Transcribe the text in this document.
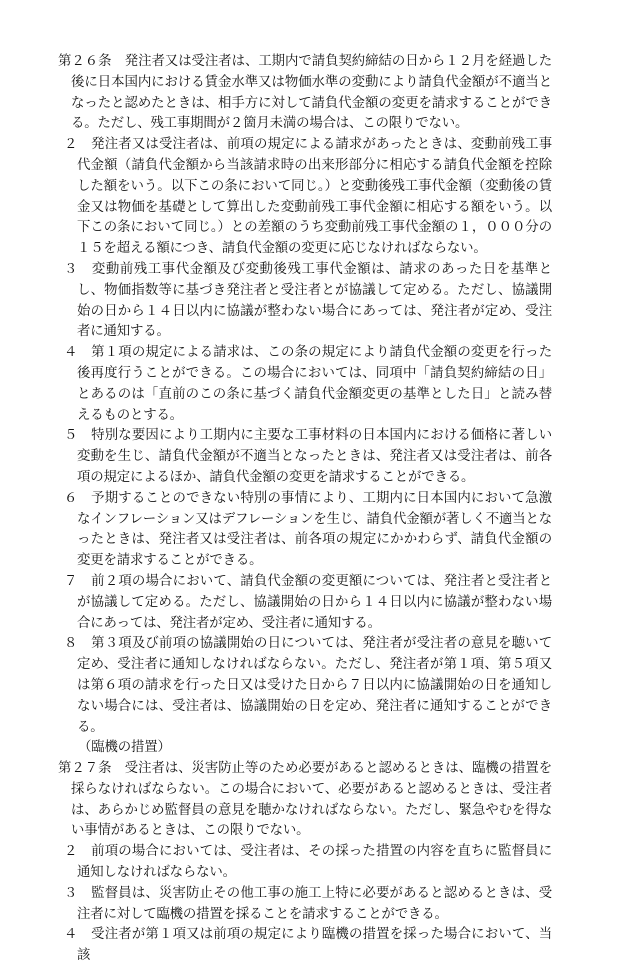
第２６条　発注者又は受注者は、工期内で請負契約締結の日から１２月を経過した後に日本国内における賃金水準又は物価水準の変動により請負代金額が不適当となったと認めたときは、相手方に対して請負代金額の変更を請求することができる。ただし、残工事期間が２箇月未満の場合は、この限りでない。

２　発注者又は受注者は、前項の規定による請求があったときは、変動前残工事代金額（請負代金額から当該請求時の出来形部分に相応する請負代金額を控除した額をいう。以下この条において同じ。）と変動後残工事代金額（変動後の賃金又は物価を基礎として算出した変動前残工事代金額に相応する額をいう。以下この条において同じ。）との差額のうち変動前残工事代金額の１，０００分の１５を超える額につき、請負代金額の変更に応じなければならない。

３　変動前残工事代金額及び変動後残工事代金額は、請求のあった日を基準とし、物価指数等に基づき発注者と受注者とが協議して定める。ただし、協議開始の日から１４日以内に協議が整わない場合にあっては、発注者が定め、受注者に通知する。

４　第１項の規定による請求は、この条の規定により請負代金額の変更を行った後再度行うことができる。この場合においては、同項中「請負契約締結の日」とあるのは「直前のこの条に基づく請負代金額変更の基準とした日」と読み替えるものとする。

５　特別な要因により工期内に主要な工事材料の日本国内における価格に著しい変動を生じ、請負代金額が不適当となったときは、発注者又は受注者は、前各項の規定によるほか、請負代金額の変更を請求することができる。

６　予期することのできない特別の事情により、工期内に日本国内において急激なインフレーション又はデフレーションを生じ、請負代金額が著しく不適当となったときは、発注者又は受注者は、前各項の規定にかかわらず、請負代金額の変更を請求することができる。

７　前２項の場合において、請負代金額の変更額については、発注者と受注者とが協議して定める。ただし、協議開始の日から１４日以内に協議が整わない場合にあっては、発注者が定め、受注者に通知する。

８　第３項及び前項の協議開始の日については、発注者が受注者の意見を聴いて定め、受注者に通知しなければならない。ただし、発注者が第１項、第５項又は第６項の請求を行った日又は受けた日から７日以内に協議開始の日を通知しない場合には、受注者は、協議開始の日を定め、発注者に通知することができる。

（臨機の措置）

第２７条　受注者は、災害防止等のため必要があると認めるときは、臨機の措置を採らなければならない。この場合において、必要があると認めるときは、受注者は、あらかじめ監督員の意見を聴かなければならない。ただし、緊急やむを得ない事情があるときは、この限りでない。

２　前項の場合においては、受注者は、その採った措置の内容を直ちに監督員に通知しなければならない。

３　監督員は、災害防止その他工事の施工上特に必要があると認めるときは、受注者に対して臨機の措置を採ることを請求することができる。

４　受注者が第１項又は前項の規定により臨機の措置を採った場合において、当該
